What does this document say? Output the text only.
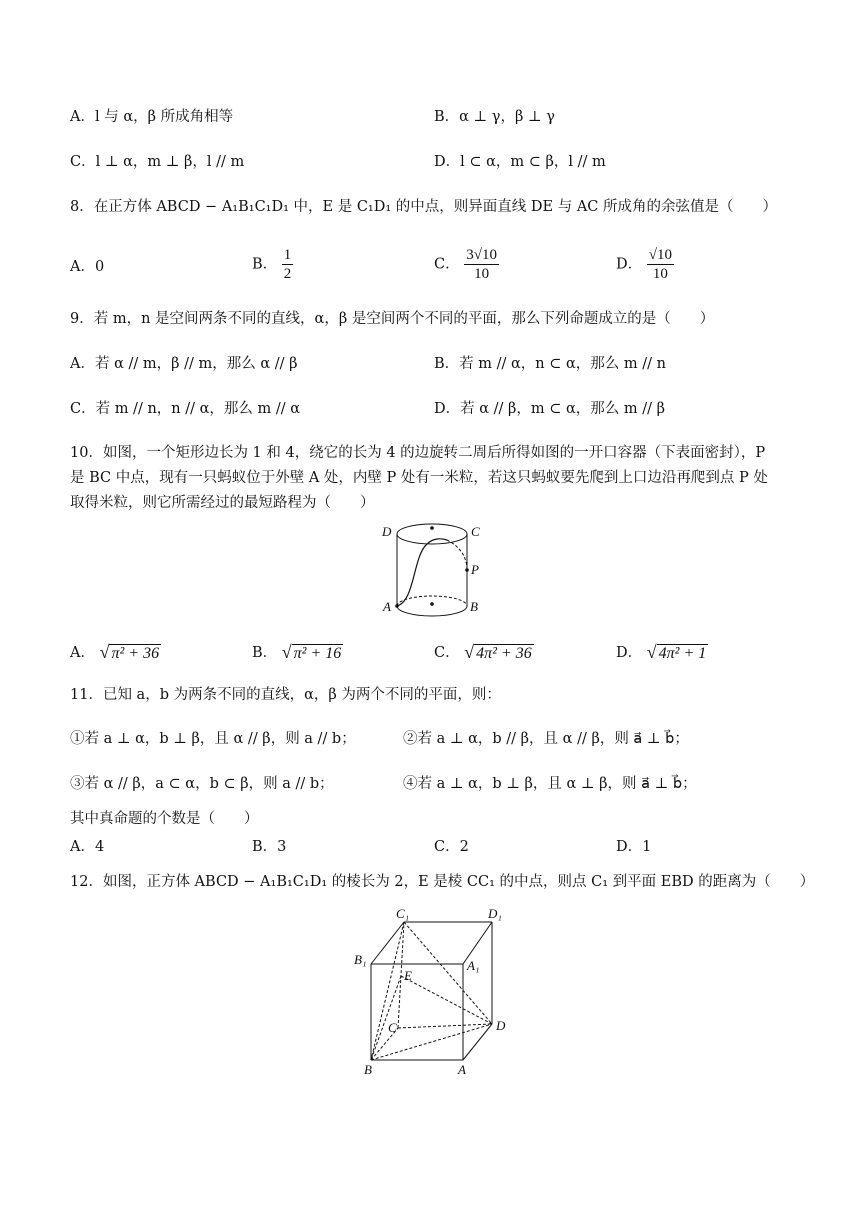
A．l 与 α，β 所成角相等	B．α ⊥ γ，β ⊥ γ
C．l ⊥ α，m ⊥ β，l // m	D．l ⊂ α，m ⊂ β，l // m
8．在正方体 ABCD − A₁B₁C₁D₁ 中，E 是 C₁D₁ 的中点，则异面直线 DE 与 AC 所成角的余弦值是（　　）
A．0	B． $\frac{1}{2}$	C． $\frac{3√10}{10}$	D． $\frac{√10}{10}$
9．若 m，n 是空间两条不同的直线，α，β 是空间两个不同的平面，那么下列命题成立的是（　　）
A．若 α // m，β // m，那么 α // β	B．若 m // α，n ⊂ α，那么 m // n
C．若 m // n，n // α，那么 m // α	D．若 α // β，m ⊂ α，那么 m // β
10．如图，一个矩形边长为 1 和 4，绕它的长为 4 的边旋转二周后所得如图的一开口容器（下表面密封），P
是 BC 中点，现有一只蚂蚁位于外壁 A 处，内壁 P 处有一米粒，若这只蚂蚁要先爬到上口边沿再爬到点 P 处
取得米粒，则它所需经过的最短路程为（　　）
D	C
P
A	B
A． √ π² + 36	B． √ π² + 16	C． √ 4π² + 36	D． √ 4π² + 1
11．已知 a，b 为两条不同的直线，α，β 为两个不同的平面，则：
①若 a ⊥ α，b ⊥ β，且 α // β，则 a // b；	②若 a ⊥ α，b // β，且 α // β，则 a⃗ ⊥ b⃗；
③若 α // β，a ⊂ α，b ⊂ β，则 a // b；	④若 a ⊥ α，b ⊥ β，且 α ⊥ β，则 a⃗ ⊥ b⃗；
其中真命题的个数是（　　）
A．4	B．3	C．2	D．1
12．如图，正方体 ABCD − A₁B₁C₁D₁ 的棱长为 2，E 是棱 CC₁ 的中点，则点 C₁ 到平面 EBD 的距离为（　　）
C₁	D₁
B₁	A₁
E
C	D
B	A
